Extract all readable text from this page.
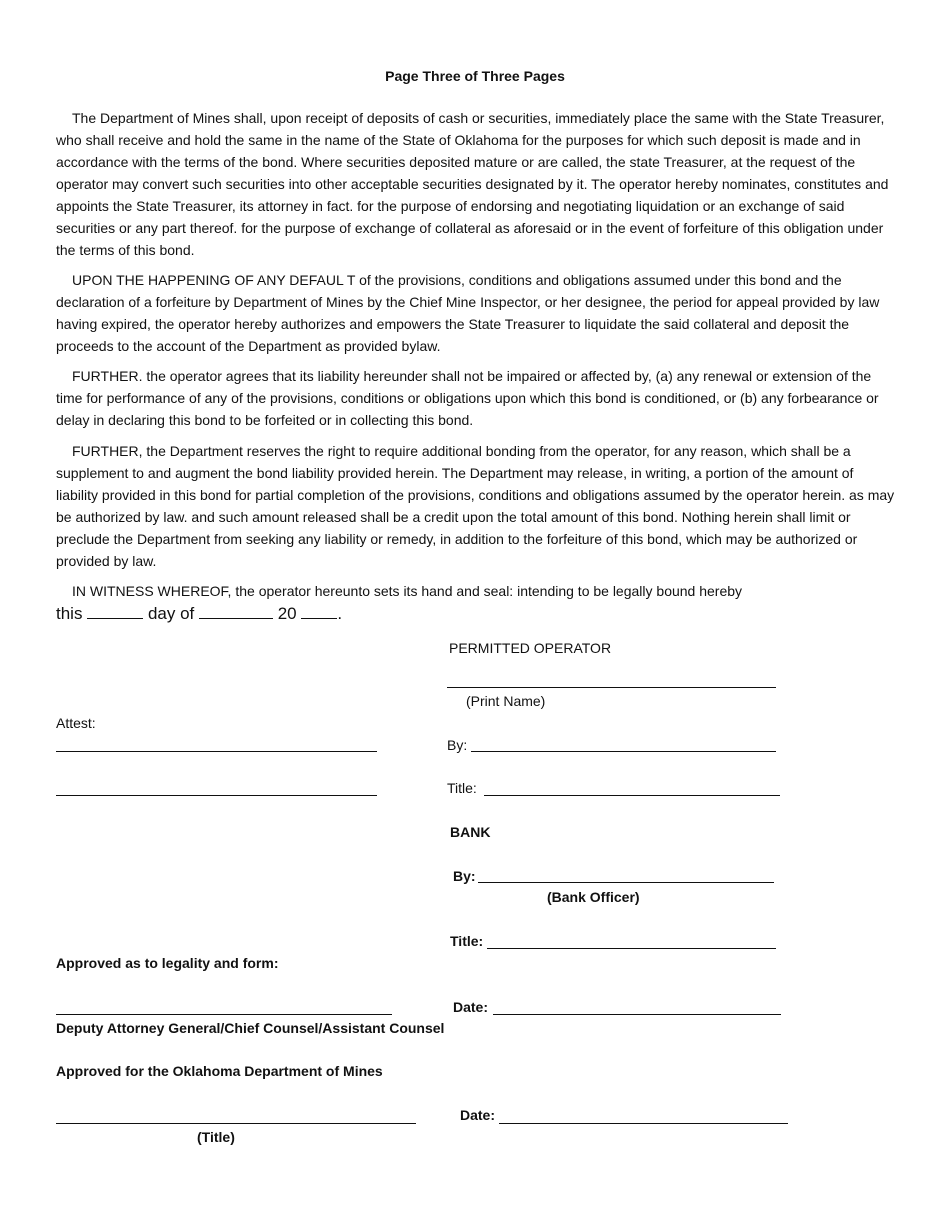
Page Three of Three Pages

The Department of Mines shall, upon receipt of deposits of cash or securities, immediately place the same with the State Treasurer, who shall receive and hold the same in the name of the State of Oklahoma for the purposes for which such deposit is made and in accordance with the terms of the bond. Where securities deposited mature or are called, the state Treasurer, at the request of the operator may convert such securities into other acceptable securities designated by it. The operator hereby nominates, constitutes and appoints the State Treasurer, its attorney in fact. for the purpose of endorsing and negotiating liquidation or an exchange of said securities or any part thereof. for the purpose of exchange of collateral as aforesaid or in the event of forfeiture of this obligation under the terms of this bond.

UPON THE HAPPENING OF ANY DEFAUL T of the provisions, conditions and obligations assumed under this bond and the declaration of a forfeiture by Department of Mines by the Chief Mine Inspector, or her designee, the period for appeal provided by law having expired, the operator hereby authorizes and empowers the State Treasurer to liquidate the said collateral and deposit the proceeds to the account of the Department as provided bylaw.

FURTHER. the operator agrees that its liability hereunder shall not be impaired or affected by, (a) any renewal or extension of the time for performance of any of the provisions, conditions or obligations upon which this bond is conditioned, or (b) any forbearance or delay in declaring this bond to be forfeited or in collecting this bond.

FURTHER, the Department reserves the right to require additional bonding from the operator, for any reason, which shall be a supplement to and augment the bond liability provided herein. The Department may release, in writing, a portion of the amount of liability provided in this bond for partial completion of the provisions, conditions and obligations assumed by the operator herein. as may be authorized by law. and such amount released shall be a credit upon the total amount of this bond. Nothing herein shall limit or preclude the Department from seeking any liability or remedy, in addition to the forfeiture of this bond, which may be authorized or provided by law.

IN WITNESS WHEREOF, the operator hereunto sets its hand and seal: intending to be legally bound hereby

this	day of	20 .
PERMITTED OPERATOR
(Print Name)
Attest:
By:
Title:
BANK
By:
(Bank Officer)
Title:
Approved as to legality and form:
Date:
Deputy Attorney General/Chief Counsel/Assistant Counsel
Approved for the Oklahoma Department of Mines
Date:
(Title)
